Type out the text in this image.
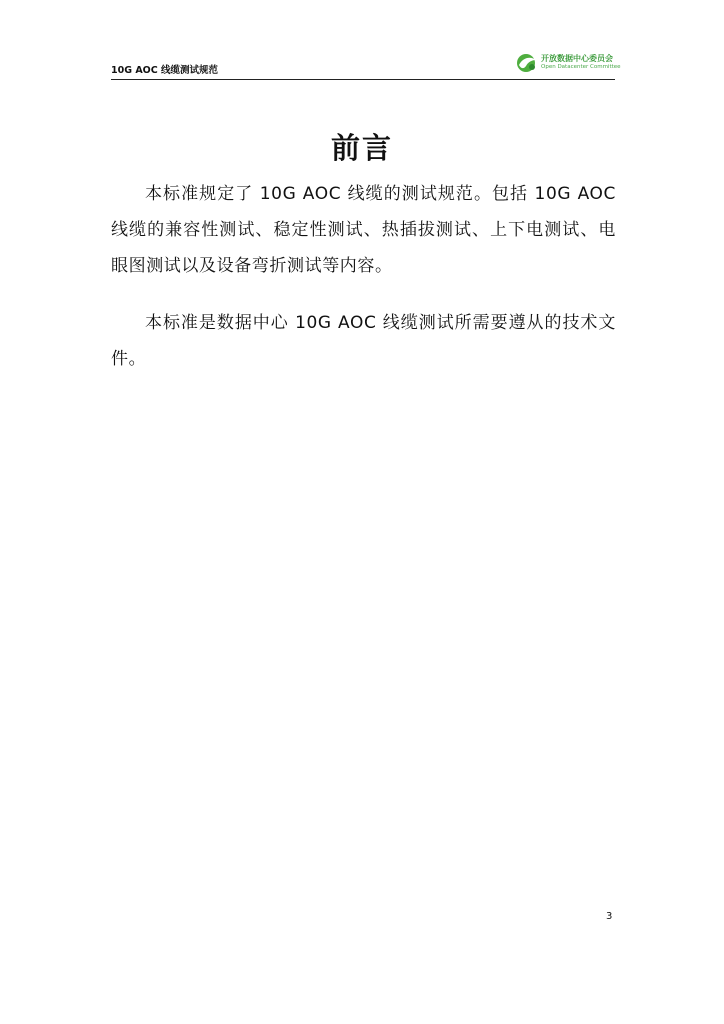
10G AOC 线缆测试规范
开放数据中心委员会
Open Datacenter Committee
前言

本标准规定了 10G AOC 线缆的测试规范。包括 10G AOC 线缆的兼容性测试、稳定性测试、热插拔测试、上下电测试、电眼图测试以及设备弯折测试等内容。

本标准是数据中心 10G AOC 线缆测试所需要遵从的技术文件。

3
